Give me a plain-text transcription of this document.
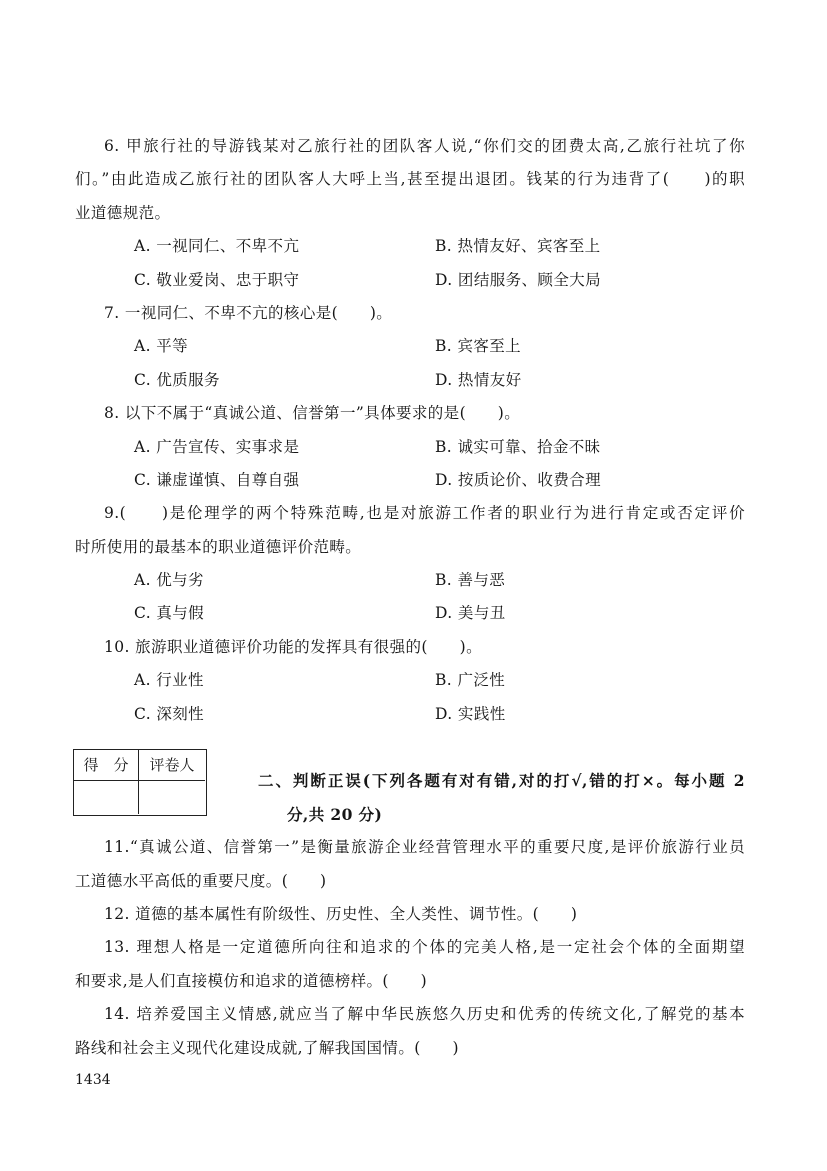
6. 甲旅行社的导游钱某对乙旅行社的团队客人说,“你们交的团费太高,乙旅行社坑了你
们。”由此造成乙旅行社的团队客人大呼上当,甚至提出退团。钱某的行为违背了(　　)的职
业道德规范。
A. 一视同仁、不卑不亢	B. 热情友好、宾客至上
C. 敬业爱岗、忠于职守	D. 团结服务、顾全大局
7. 一视同仁、不卑不亢的核心是(　　)。
A. 平等	B. 宾客至上
C. 优质服务	D. 热情友好
8. 以下不属于“真诚公道、信誉第一”具体要求的是(　　)。
A. 广告宣传、实事求是	B. 诚实可靠、拾金不昧
C. 谦虚谨慎、自尊自强	D. 按质论价、收费合理
9.(　　)是伦理学的两个特殊范畴,也是对旅游工作者的职业行为进行肯定或否定评价
时所使用的最基本的职业道德评价范畴。
A. 优与劣	B. 善与恶
C. 真与假	D. 美与丑
10. 旅游职业道德评价功能的发挥具有很强的(　　)。
A. 行业性	B. 广泛性
C. 深刻性	D. 实践性
二、判断正误(下列各题有对有错,对的打√,错的打×。每小题 2
分,共 20 分)
11.“真诚公道、信誉第一”是衡量旅游企业经营管理水平的重要尺度,是评价旅游行业员
工道德水平高低的重要尺度。(　　)
12. 道德的基本属性有阶级性、历史性、全人类性、调节性。(　　)
13. 理想人格是一定道德所向往和追求的个体的完美人格,是一定社会个体的全面期望
和要求,是人们直接模仿和追求的道德榜样。(　　)
14. 培养爱国主义情感,就应当了解中华民族悠久历史和优秀的传统文化,了解党的基本
路线和社会主义现代化建设成就,了解我国国情。(　　)
得　分	评卷人
1434
